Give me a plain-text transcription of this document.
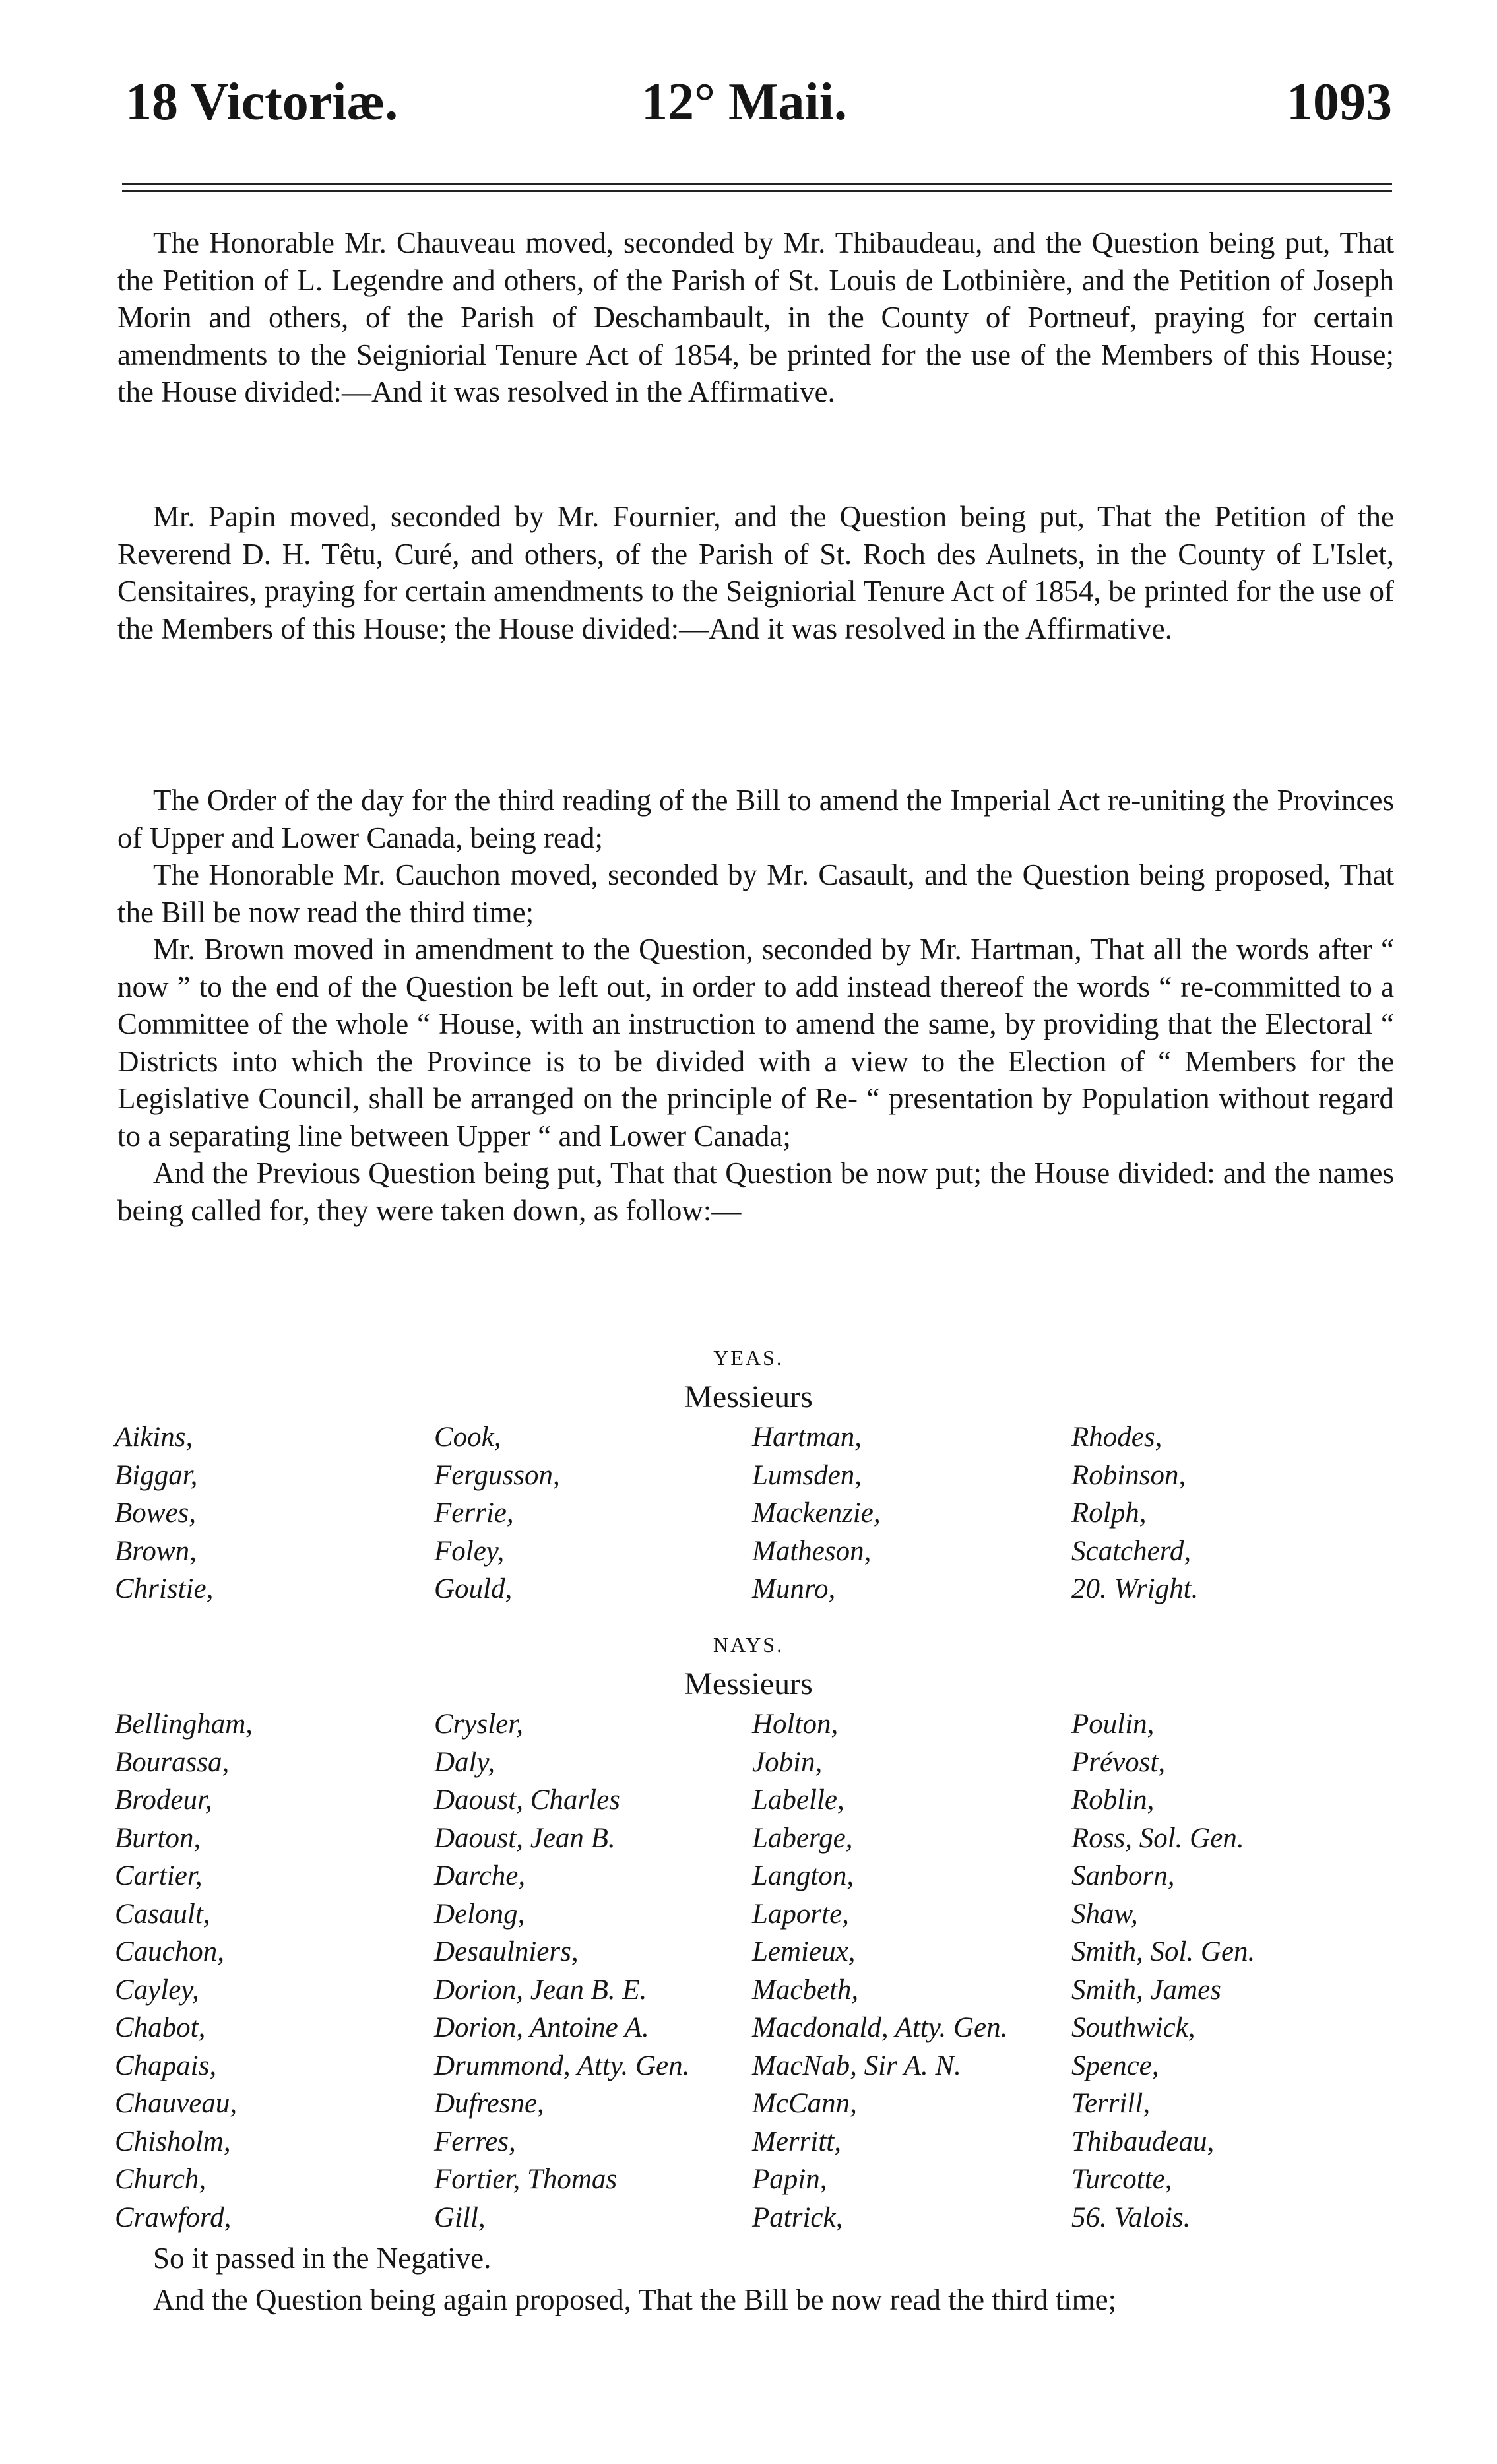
18 Victoriæ.	12° Maii.	1093

The Honorable Mr. Chauveau moved, seconded by Mr. Thibaudeau, and the Question being put, That the Petition of L. Legendre and others, of the Parish of St. Louis de Lotbinière, and the Petition of Joseph Morin and others, of the Parish of Deschambault, in the County of Portneuf, praying for certain amendments to the Seigniorial Tenure Act of 1854, be printed for the use of the Members of this House; the House divided:—And it was resolved in the Affirmative.

Mr. Papin moved, seconded by Mr. Fournier, and the Question being put, That the Petition of the Reverend D. H. Têtu, Curé, and others, of the Parish of St. Roch des Aulnets, in the County of L'Islet, Censitaires, praying for certain amendments to the Seigniorial Tenure Act of 1854, be printed for the use of the Members of this House; the House divided:—And it was resolved in the Affirmative.

The Order of the day for the third reading of the Bill to amend the Imperial Act re-uniting the Provinces of Upper and Lower Canada, being read;

The Honorable Mr. Cauchon moved, seconded by Mr. Casault, and the Question being proposed, That the Bill be now read the third time;

Mr. Brown moved in amendment to the Question, seconded by Mr. Hartman, That all the words after “ now ” to the end of the Question be left out, in order to add instead thereof the words “ re-committed to a Committee of the whole “ House, with an instruction to amend the same, by providing that the Electoral “ Districts into which the Province is to be divided with a view to the Election of “ Members for the Legislative Council, shall be arranged on the principle of Re- “ presentation by Population without regard to a separating line between Upper “ and Lower Canada;

And the Previous Question being put, That that Question be now put; the House divided: and the names being called for, they were taken down, as follow:—

YEAS.
Messieurs
Aikins,
Biggar,
Bowes,
Brown,
Christie,
Cook,
Fergusson,
Ferrie,
Foley,
Gould,
Hartman,
Lumsden,
Mackenzie,
Matheson,
Munro,
Rhodes,
Robinson,
Rolph,
Scatcherd,
20. Wright.
NAYS.
Messieurs
Bellingham,
Bourassa,
Brodeur,
Burton,
Cartier,
Casault,
Cauchon,
Cayley,
Chabot,
Chapais,
Chauveau,
Chisholm,
Church,
Crawford,
Crysler,
Daly,
Daoust, Charles
Daoust, Jean B.
Darche,
Delong,
Desaulniers,
Dorion, Jean B. E.
Dorion, Antoine A.
Drummond, Atty. Gen.
Dufresne,
Ferres,
Fortier, Thomas
Gill,
Holton,
Jobin,
Labelle,
Laberge,
Langton,
Laporte,
Lemieux,
Macbeth,
Macdonald, Atty. Gen.
MacNab, Sir A. N.
McCann,
Merritt,
Papin,
Patrick,
Poulin,
Prévost,
Roblin,
Ross, Sol. Gen.
Sanborn,
Shaw,
Smith, Sol. Gen.
Smith, James
Southwick,
Spence,
Terrill,
Thibaudeau,
Turcotte,
56. Valois.

So it passed in the Negative.

And the Question being again proposed, That the Bill be now read the third time;
